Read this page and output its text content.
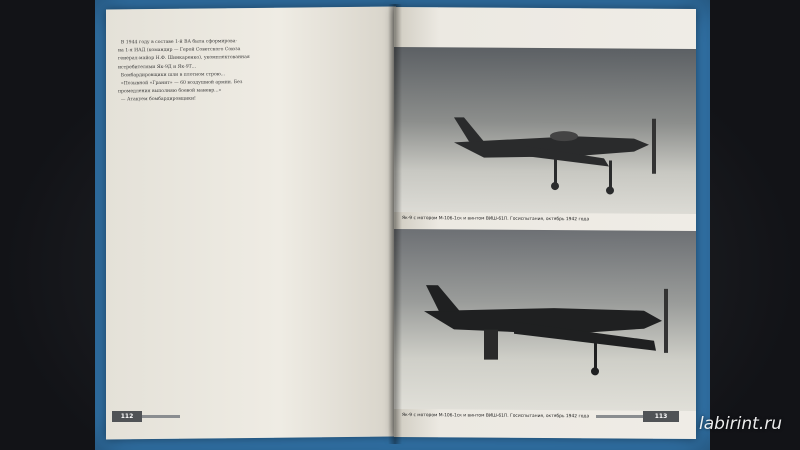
В 1944 году в составе 1-й ВА была сформирова-
на 1-я ИАД (командир — Герой Советского Союза
генерал-майор Н.Ф. Шинкаренко), укомплектованная
истребителями Як-9Д и Як-9Т...
Бомбардировщики шли в плотном строю...
«Позывной «Гранит» — 60 воздушной армии. Без
промедления выполняю боевой маневр...»
— Атакуем бомбардировщики!
Як-9 с мотором М-106-1ск и винтом ВИШ-61П. Госиспытания, октябрь 1942 года
Як-9 с мотором М-106-1ск и винтом ВИШ-61П. Госиспытания, октябрь 1942 года
112	113	labirint.ru
